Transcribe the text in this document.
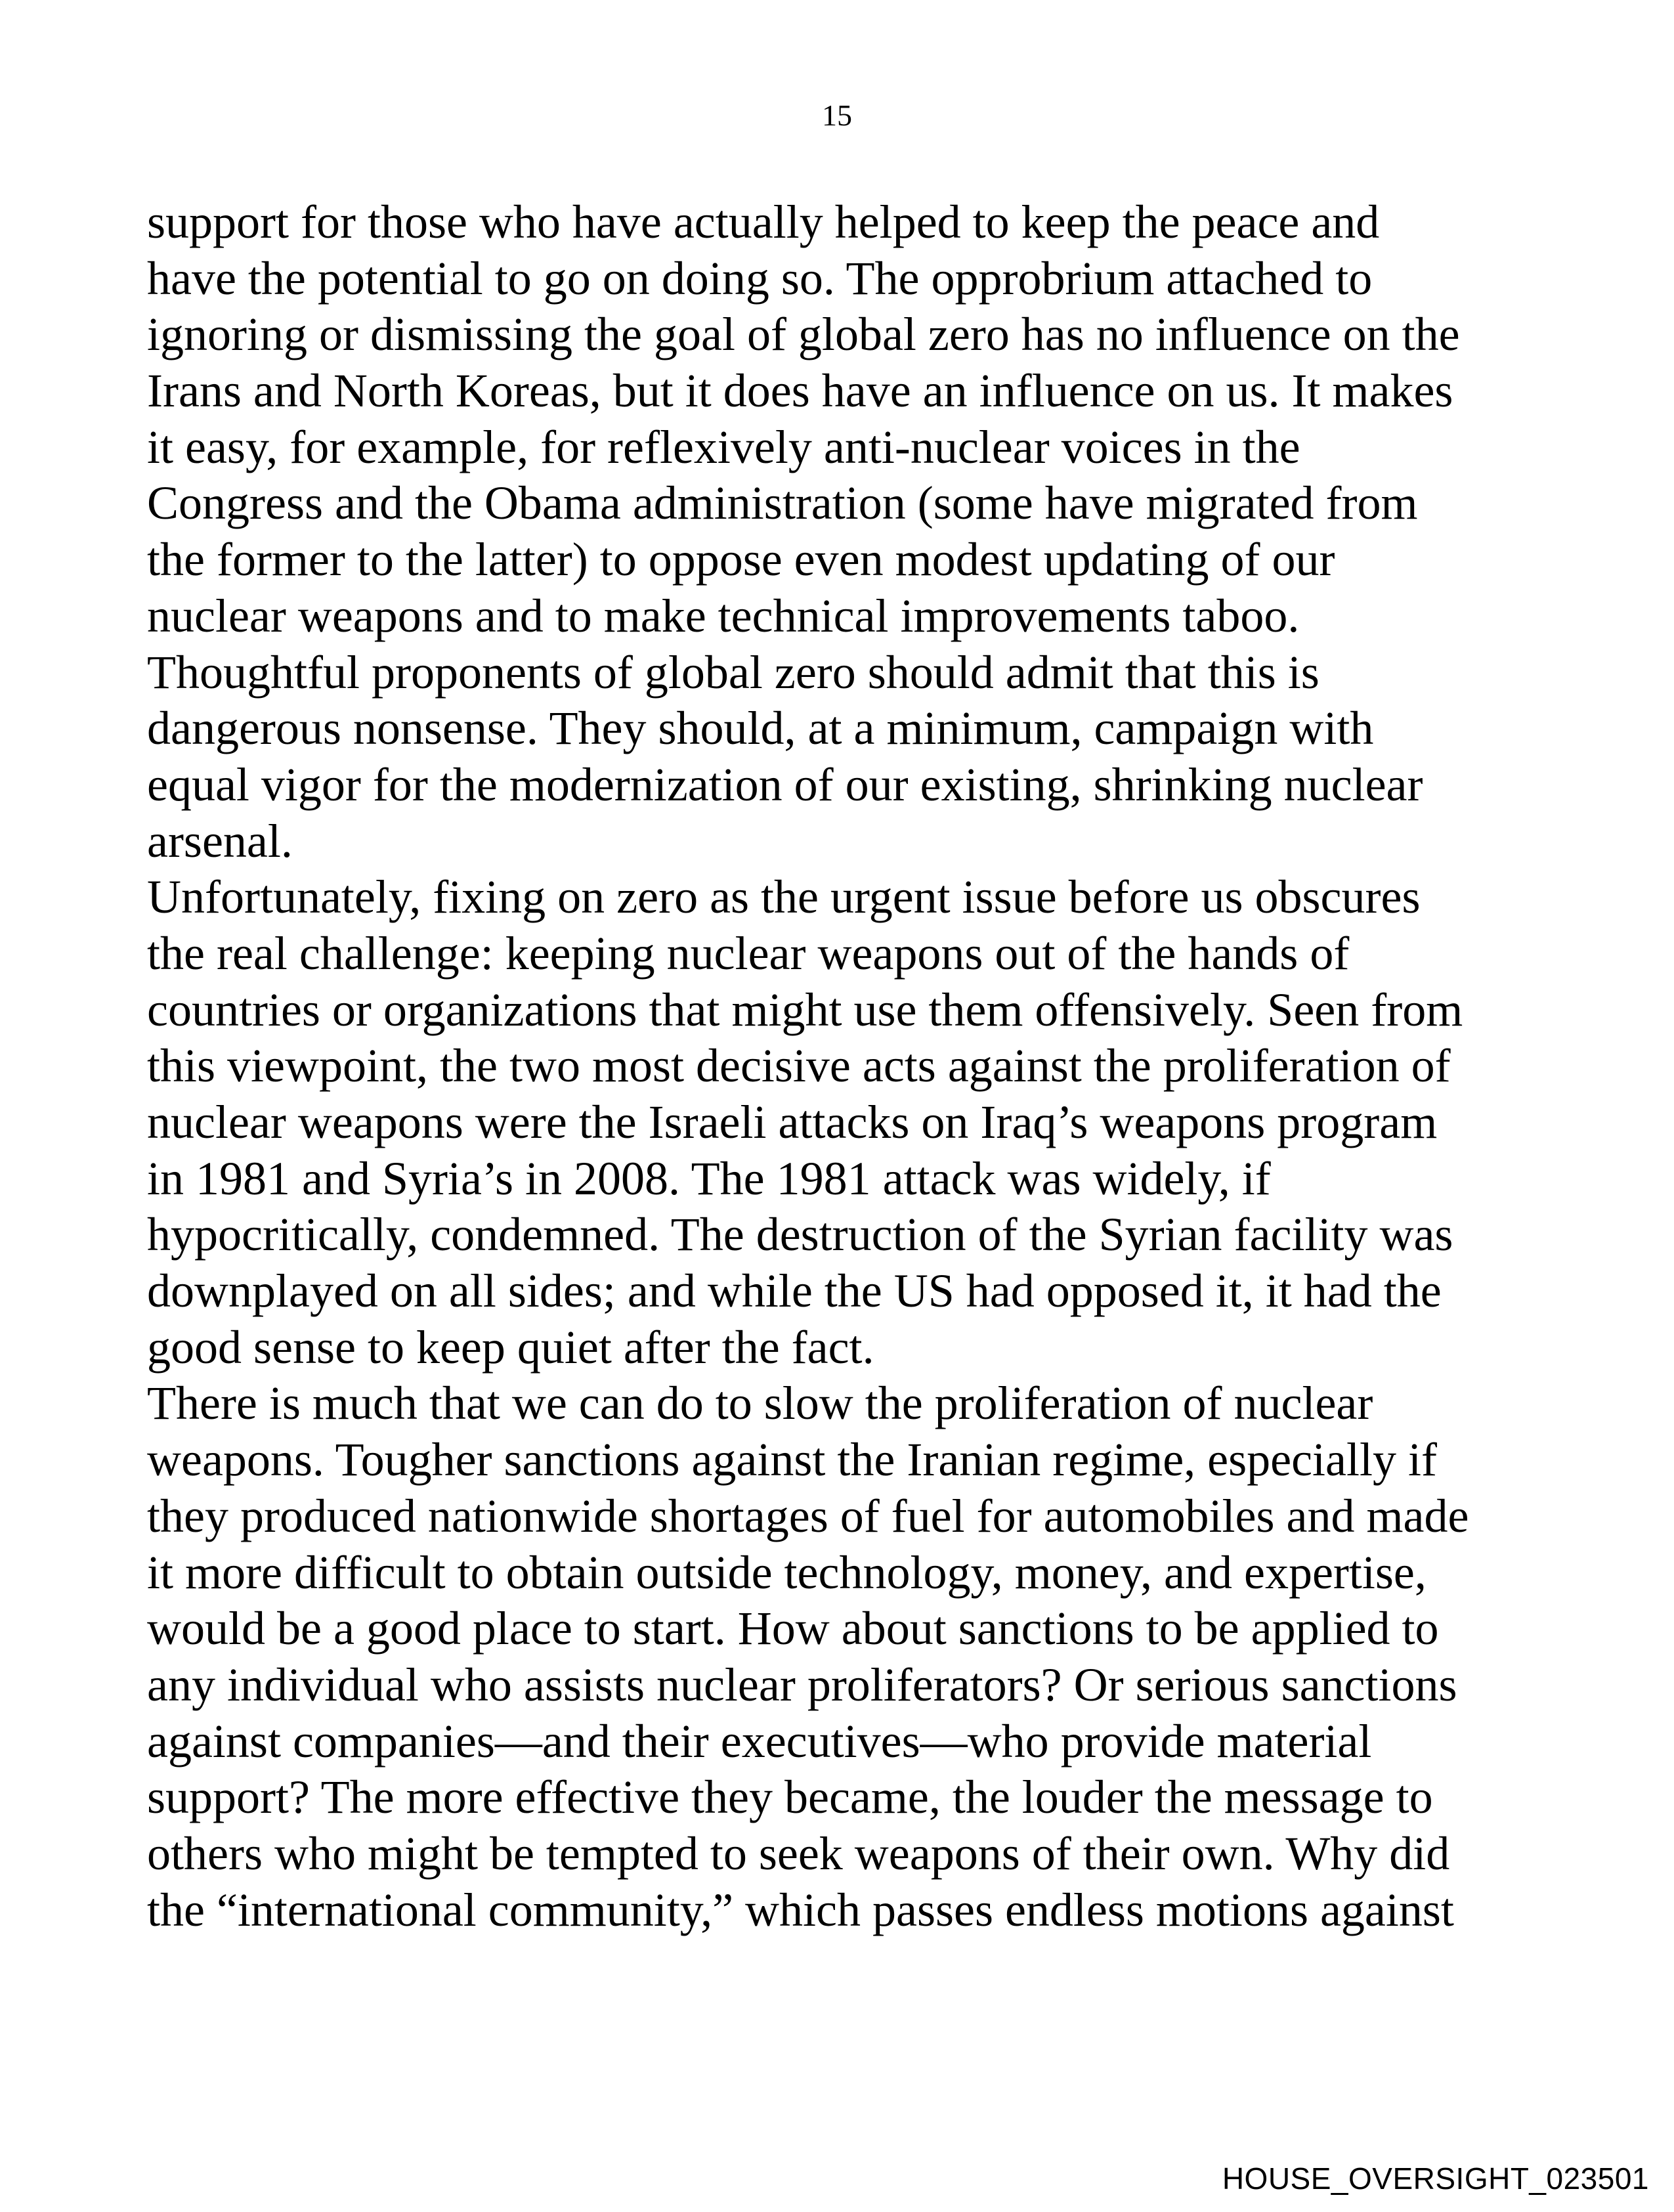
15
support for those who have actually helped to keep the peace and
have the potential to go on doing so. The opprobrium attached to
ignoring or dismissing the goal of global zero has no influence on the
Irans and North Koreas, but it does have an influence on us. It makes
it easy, for example, for reflexively anti-nuclear voices in the
Congress and the Obama administration (some have migrated from
the former to the latter) to oppose even modest updating of our
nuclear weapons and to make technical improvements taboo.
Thoughtful proponents of global zero should admit that this is
dangerous nonsense. They should, at a minimum, campaign with
equal vigor for the modernization of our existing, shrinking nuclear
arsenal.
Unfortunately, fixing on zero as the urgent issue before us obscures
the real challenge: keeping nuclear weapons out of the hands of
countries or organizations that might use them offensively. Seen from
this viewpoint, the two most decisive acts against the proliferation of
nuclear weapons were the Israeli attacks on Iraq’s weapons program
in 1981 and Syria’s in 2008. The 1981 attack was widely, if
hypocritically, condemned. The destruction of the Syrian facility was
downplayed on all sides; and while the US had opposed it, it had the
good sense to keep quiet after the fact.
There is much that we can do to slow the proliferation of nuclear
weapons. Tougher sanctions against the Iranian regime, especially if
they produced nationwide shortages of fuel for automobiles and made
it more difficult to obtain outside technology, money, and expertise,
would be a good place to start. How about sanctions to be applied to
any individual who assists nuclear proliferators? Or serious sanctions
against companies—and their executives—who provide material
support? The more effective they became, the louder the message to
others who might be tempted to seek weapons of their own. Why did
the “international community,” which passes endless motions against
HOUSE_OVERSIGHT_023501
